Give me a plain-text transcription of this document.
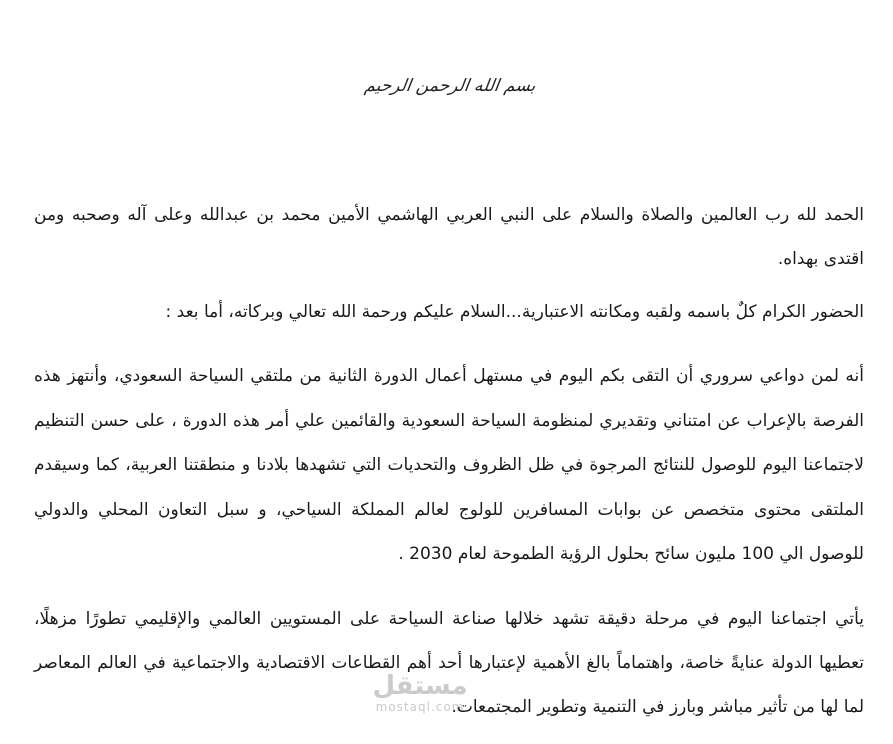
بسم الله الرحمن الرحيم
الحمد لله رب العالمين والصلاة والسلام على النبي العربي الهاشمي الأمين محمد بن عبدالله وعلى آله وصحبه ومن اقتدى بهداه.
الحضور الكرام كلٌ باسمه ولقبه ومكانته الاعتبارية...السلام عليكم ورحمة الله تعالي وبركاته، أما بعد :
أنه لمن دواعي سروري أن التقى بكم اليوم في مستهل أعمال الدورة الثانية من ملتقي السياحة السعودي، وأنتهز هذه الفرصة بالإعراب عن امتناني وتقديري لمنظومة السياحة السعودية والقائمين علي أمر هذه الدورة ، على حسن التنظيم لاجتماعنا اليوم للوصول للنتائج المرجوة في ظل الظروف والتحديات التي تشهدها بلادنا و منطقتنا العربية، كما وسيقدم الملتقى محتوى متخصص عن بوابات المسافرين للولوج لعالم المملكة السياحي، و سبل التعاون المحلي والدولي للوصول الي 100 مليون سائح بحلول الرؤية الطموحة لعام 2030 .
يأتي اجتماعنا اليوم في مرحلة دقيقة تشهد خلالها صناعة السياحة على المستويين العالمي والإقليمي تطورًا مزهلًا، تعطيها الدولة عنايةً خاصة، واهتماماً بالغ الأهمية لإعتبارها أحد أهم القطاعات الاقتصادية والاجتماعية في العالم المعاصر لما لها من تأثير مباشر وبارز في التنمية وتطوير المجتمعات.
مستقل
mostaql.com
